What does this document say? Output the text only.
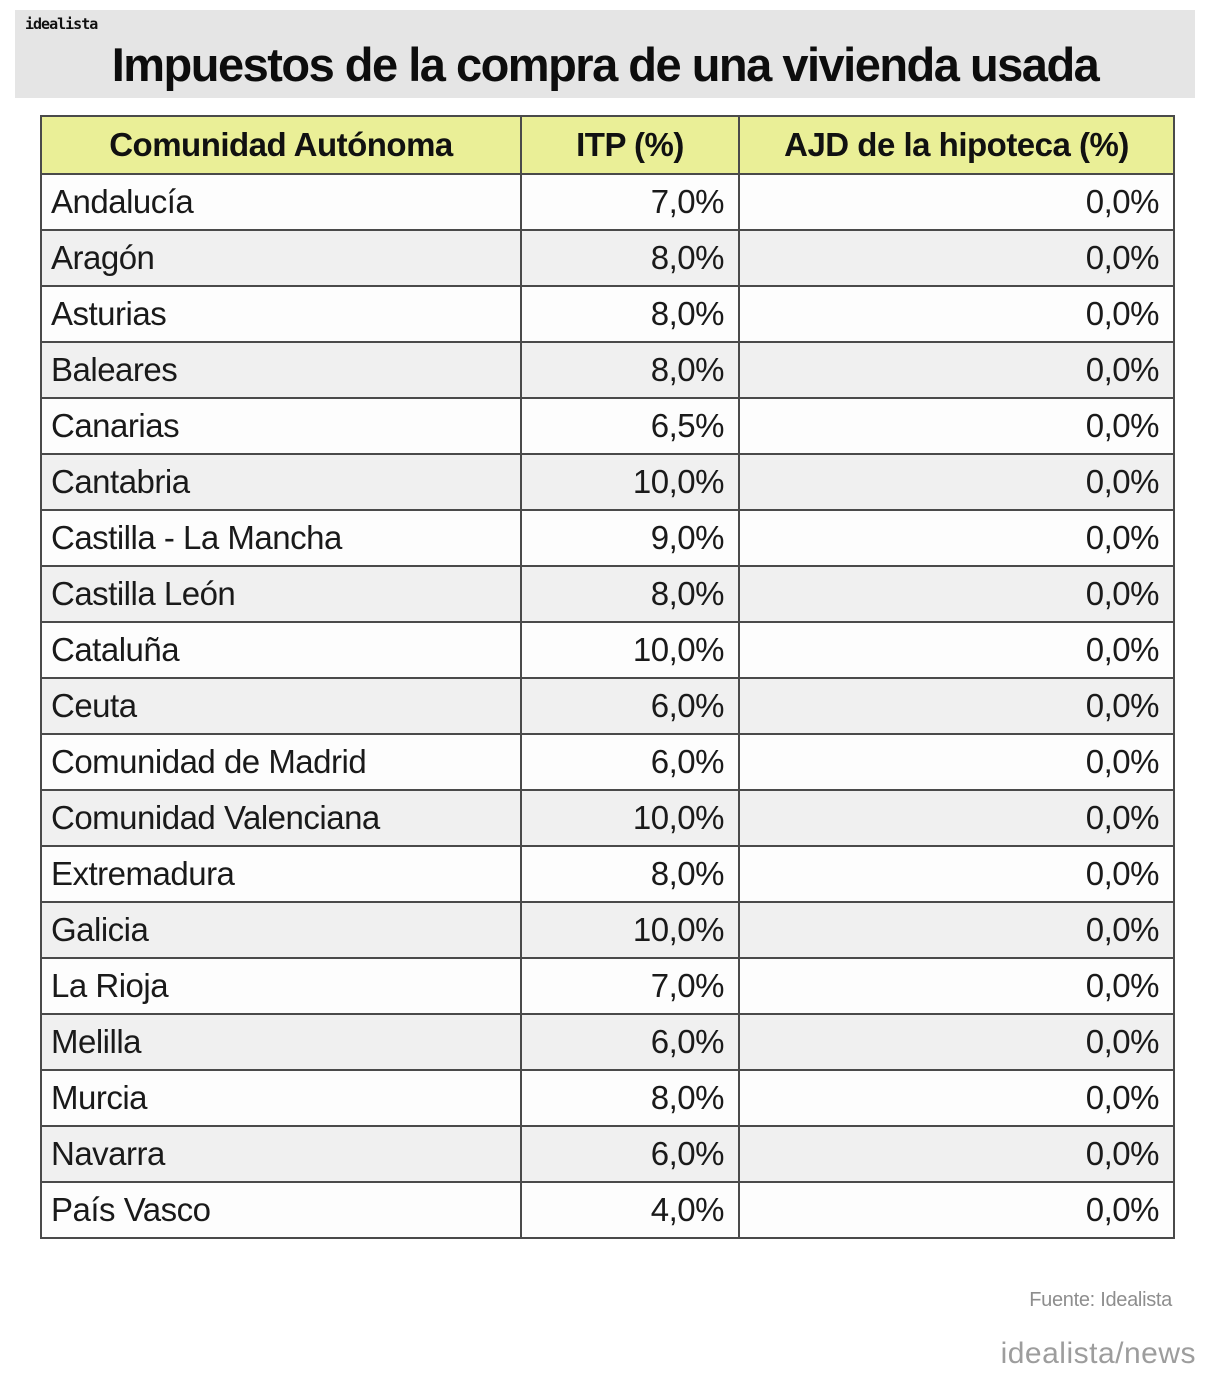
idealista
Impuestos de la compra de una vivienda usada
Comunidad Autónoma	ITP (%)	AJD de la hipoteca (%)
Andalucía	7,0%	0,0%
Aragón	8,0%	0,0%
Asturias	8,0%	0,0%
Baleares	8,0%	0,0%
Canarias	6,5%	0,0%
Cantabria	10,0%	0,0%
Castilla - La Mancha	9,0%	0,0%
Castilla León	8,0%	0,0%
Cataluña	10,0%	0,0%
Ceuta	6,0%	0,0%
Comunidad de Madrid	6,0%	0,0%
Comunidad Valenciana	10,0%	0,0%
Extremadura	8,0%	0,0%
Galicia	10,0%	0,0%
La Rioja	7,0%	0,0%
Melilla	6,0%	0,0%
Murcia	8,0%	0,0%
Navarra	6,0%	0,0%
País Vasco	4,0%	0,0%
Fuente: Idealista
idealista/news
